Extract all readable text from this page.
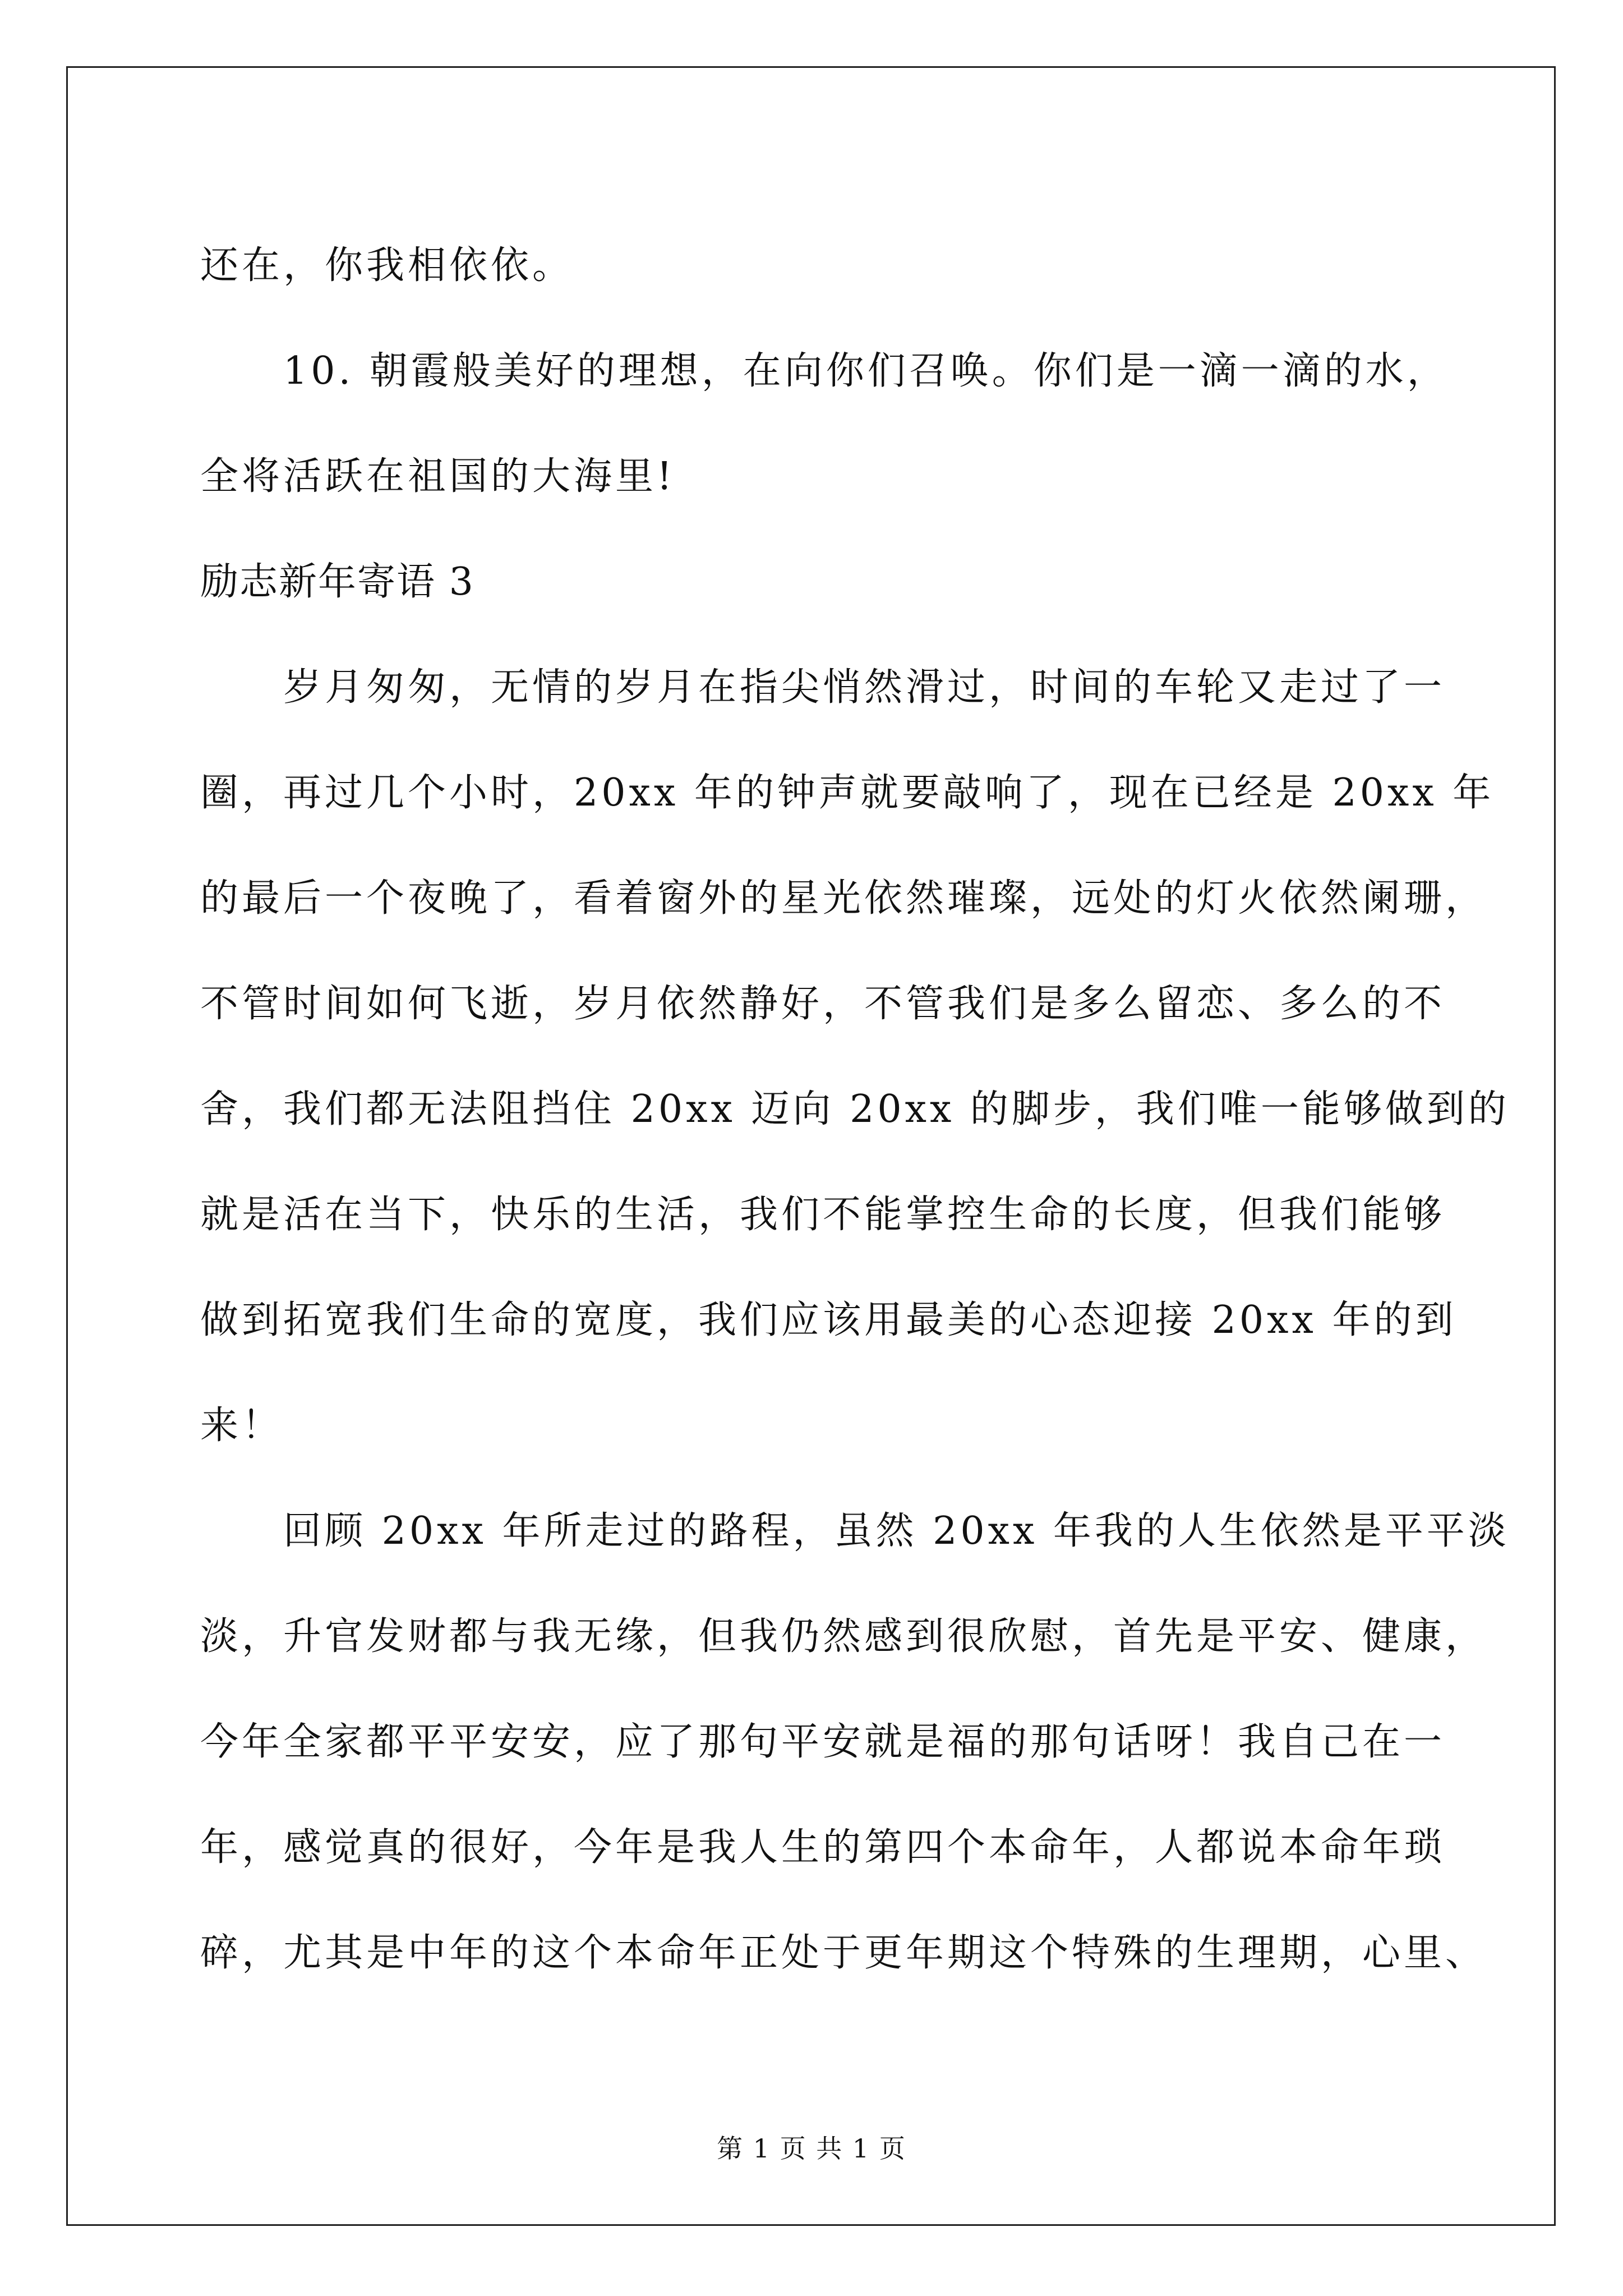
还在，你我相依依。
10. 朝霞般美好的理想，在向你们召唤。你们是一滴一滴的水，
全将活跃在祖国的大海里!
励志新年寄语 3
岁月匆匆，无情的岁月在指尖悄然滑过，时间的车轮又走过了一
圈，再过几个小时，20xx 年的钟声就要敲响了，现在已经是 20xx 年
的最后一个夜晚了，看着窗外的星光依然璀璨，远处的灯火依然阑珊，
不管时间如何飞逝，岁月依然静好，不管我们是多么留恋、多么的不
舍，我们都无法阻挡住 20xx 迈向 20xx 的脚步，我们唯一能够做到的
就是活在当下，快乐的生活，我们不能掌控生命的长度，但我们能够
做到拓宽我们生命的宽度，我们应该用最美的心态迎接 20xx 年的到
来！
回顾 20xx 年所走过的路程，虽然 20xx 年我的人生依然是平平淡
淡，升官发财都与我无缘，但我仍然感到很欣慰，首先是平安、健康，
今年全家都平平安安，应了那句平安就是福的那句话呀！我自己在一
年，感觉真的很好，今年是我人生的第四个本命年，人都说本命年琐
碎，尤其是中年的这个本命年正处于更年期这个特殊的生理期，心里、
第 1 页 共 1 页
